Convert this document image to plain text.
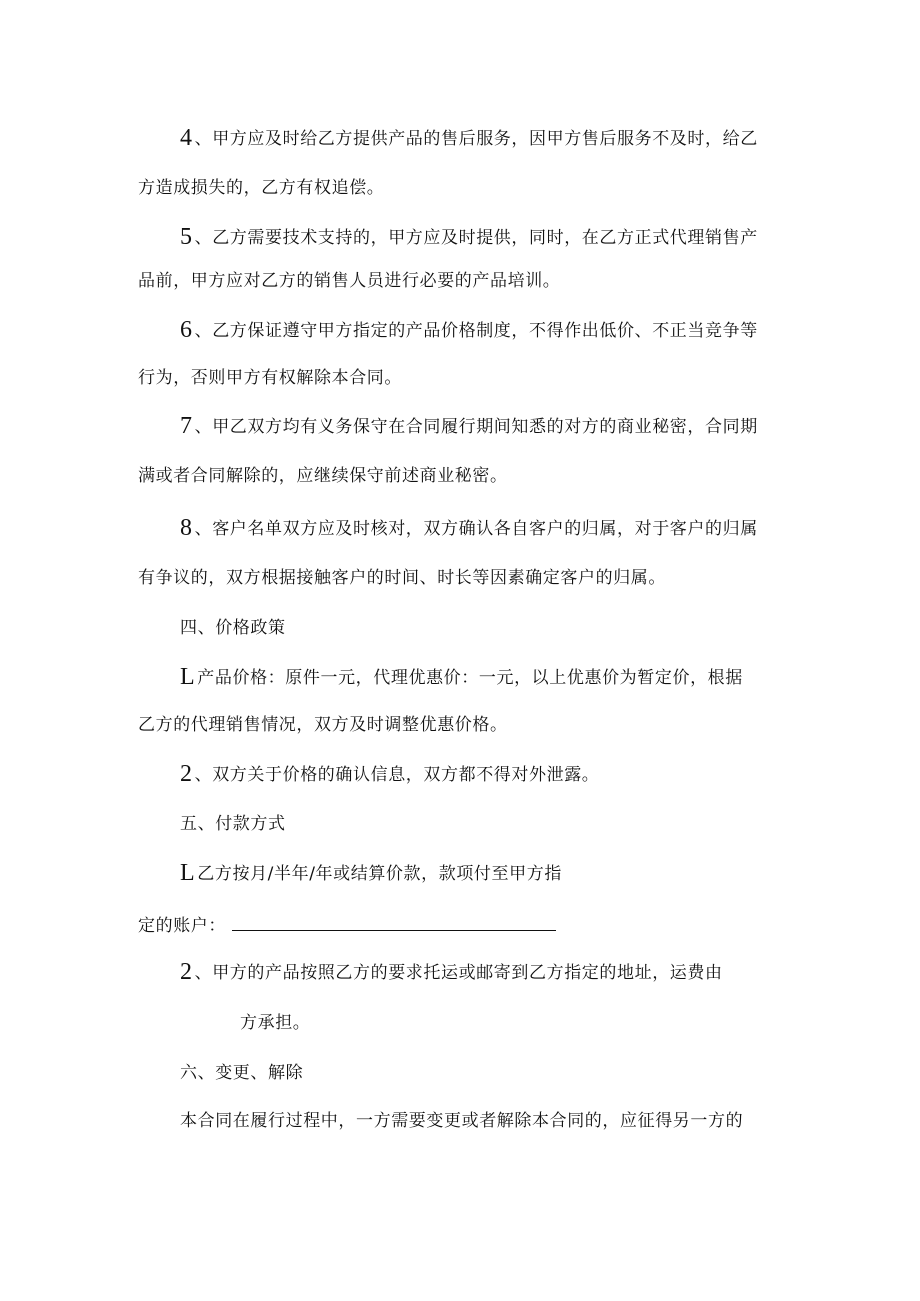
4 、甲方应及时给乙方提供产品的售后服务，因甲方售后服务不及时，给乙
方造成损失的，乙方有权追偿。
5 、乙方需要技术支持的，甲方应及时提供，同时，在乙方正式代理销售产
品前，甲方应对乙方的销售人员进行必要的产品培训。
6 、乙方保证遵守甲方指定的产品价格制度，不得作出低价、不正当竞争等
行为，否则甲方有权解除本合同。
7 、甲乙双方均有义务保守在合同履行期间知悉的对方的商业秘密，合同期
满或者合同解除的，应继续保守前述商业秘密。
8 、客户名单双方应及时核对，双方确认各自客户的归属，对于客户的归属
有争议的，双方根据接触客户的时间、时长等因素确定客户的归属。
四、价格政策
L 产品价格：原件一元，代理优惠价：一元，以上优惠价为暂定价，根据
乙方的代理销售情况，双方及时调整优惠价格。
2 、双方关于价格的确认信息，双方都不得对外泄露。
五、付款方式
L 乙方按月/半年/年或结算价款，款项付至甲方指
定的账户：
2 、甲方的产品按照乙方的要求托运或邮寄到乙方指定的地址，运费由
方承担。
六、变更、解除
本合同在履行过程中，一方需要变更或者解除本合同的，应征得另一方的
